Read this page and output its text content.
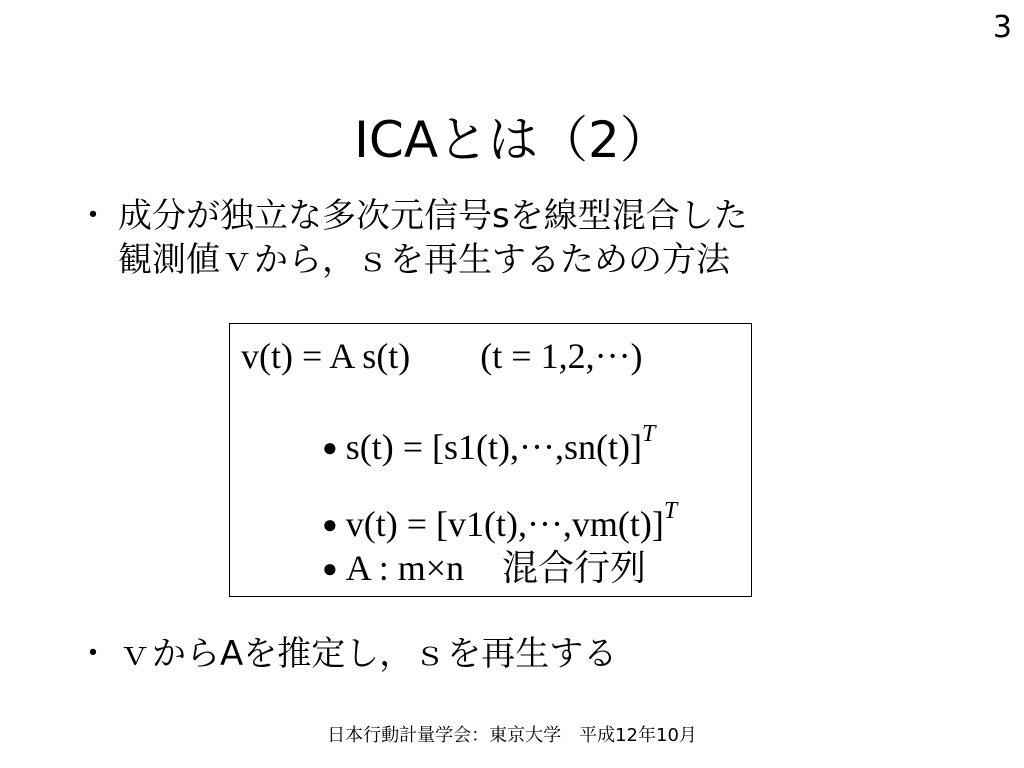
3
ICAとは（2）
・ 成分が独立な多次元信号sを線型混合した
観測値ｖから，ｓを再生するための方法
v(t) = A s(t) (t = 1,2,···)
● $s(t) = [s1(t),\cdot\cdot\cdot,sn(t)]^T$
● $v(t) = [v1(t),\cdot\cdot\cdot,vm(t)]^T$
● A : m×n 混合行列
・ ｖからAを推定し，ｓを再生する
日本行動計量学会：東京大学　平成12年10月
